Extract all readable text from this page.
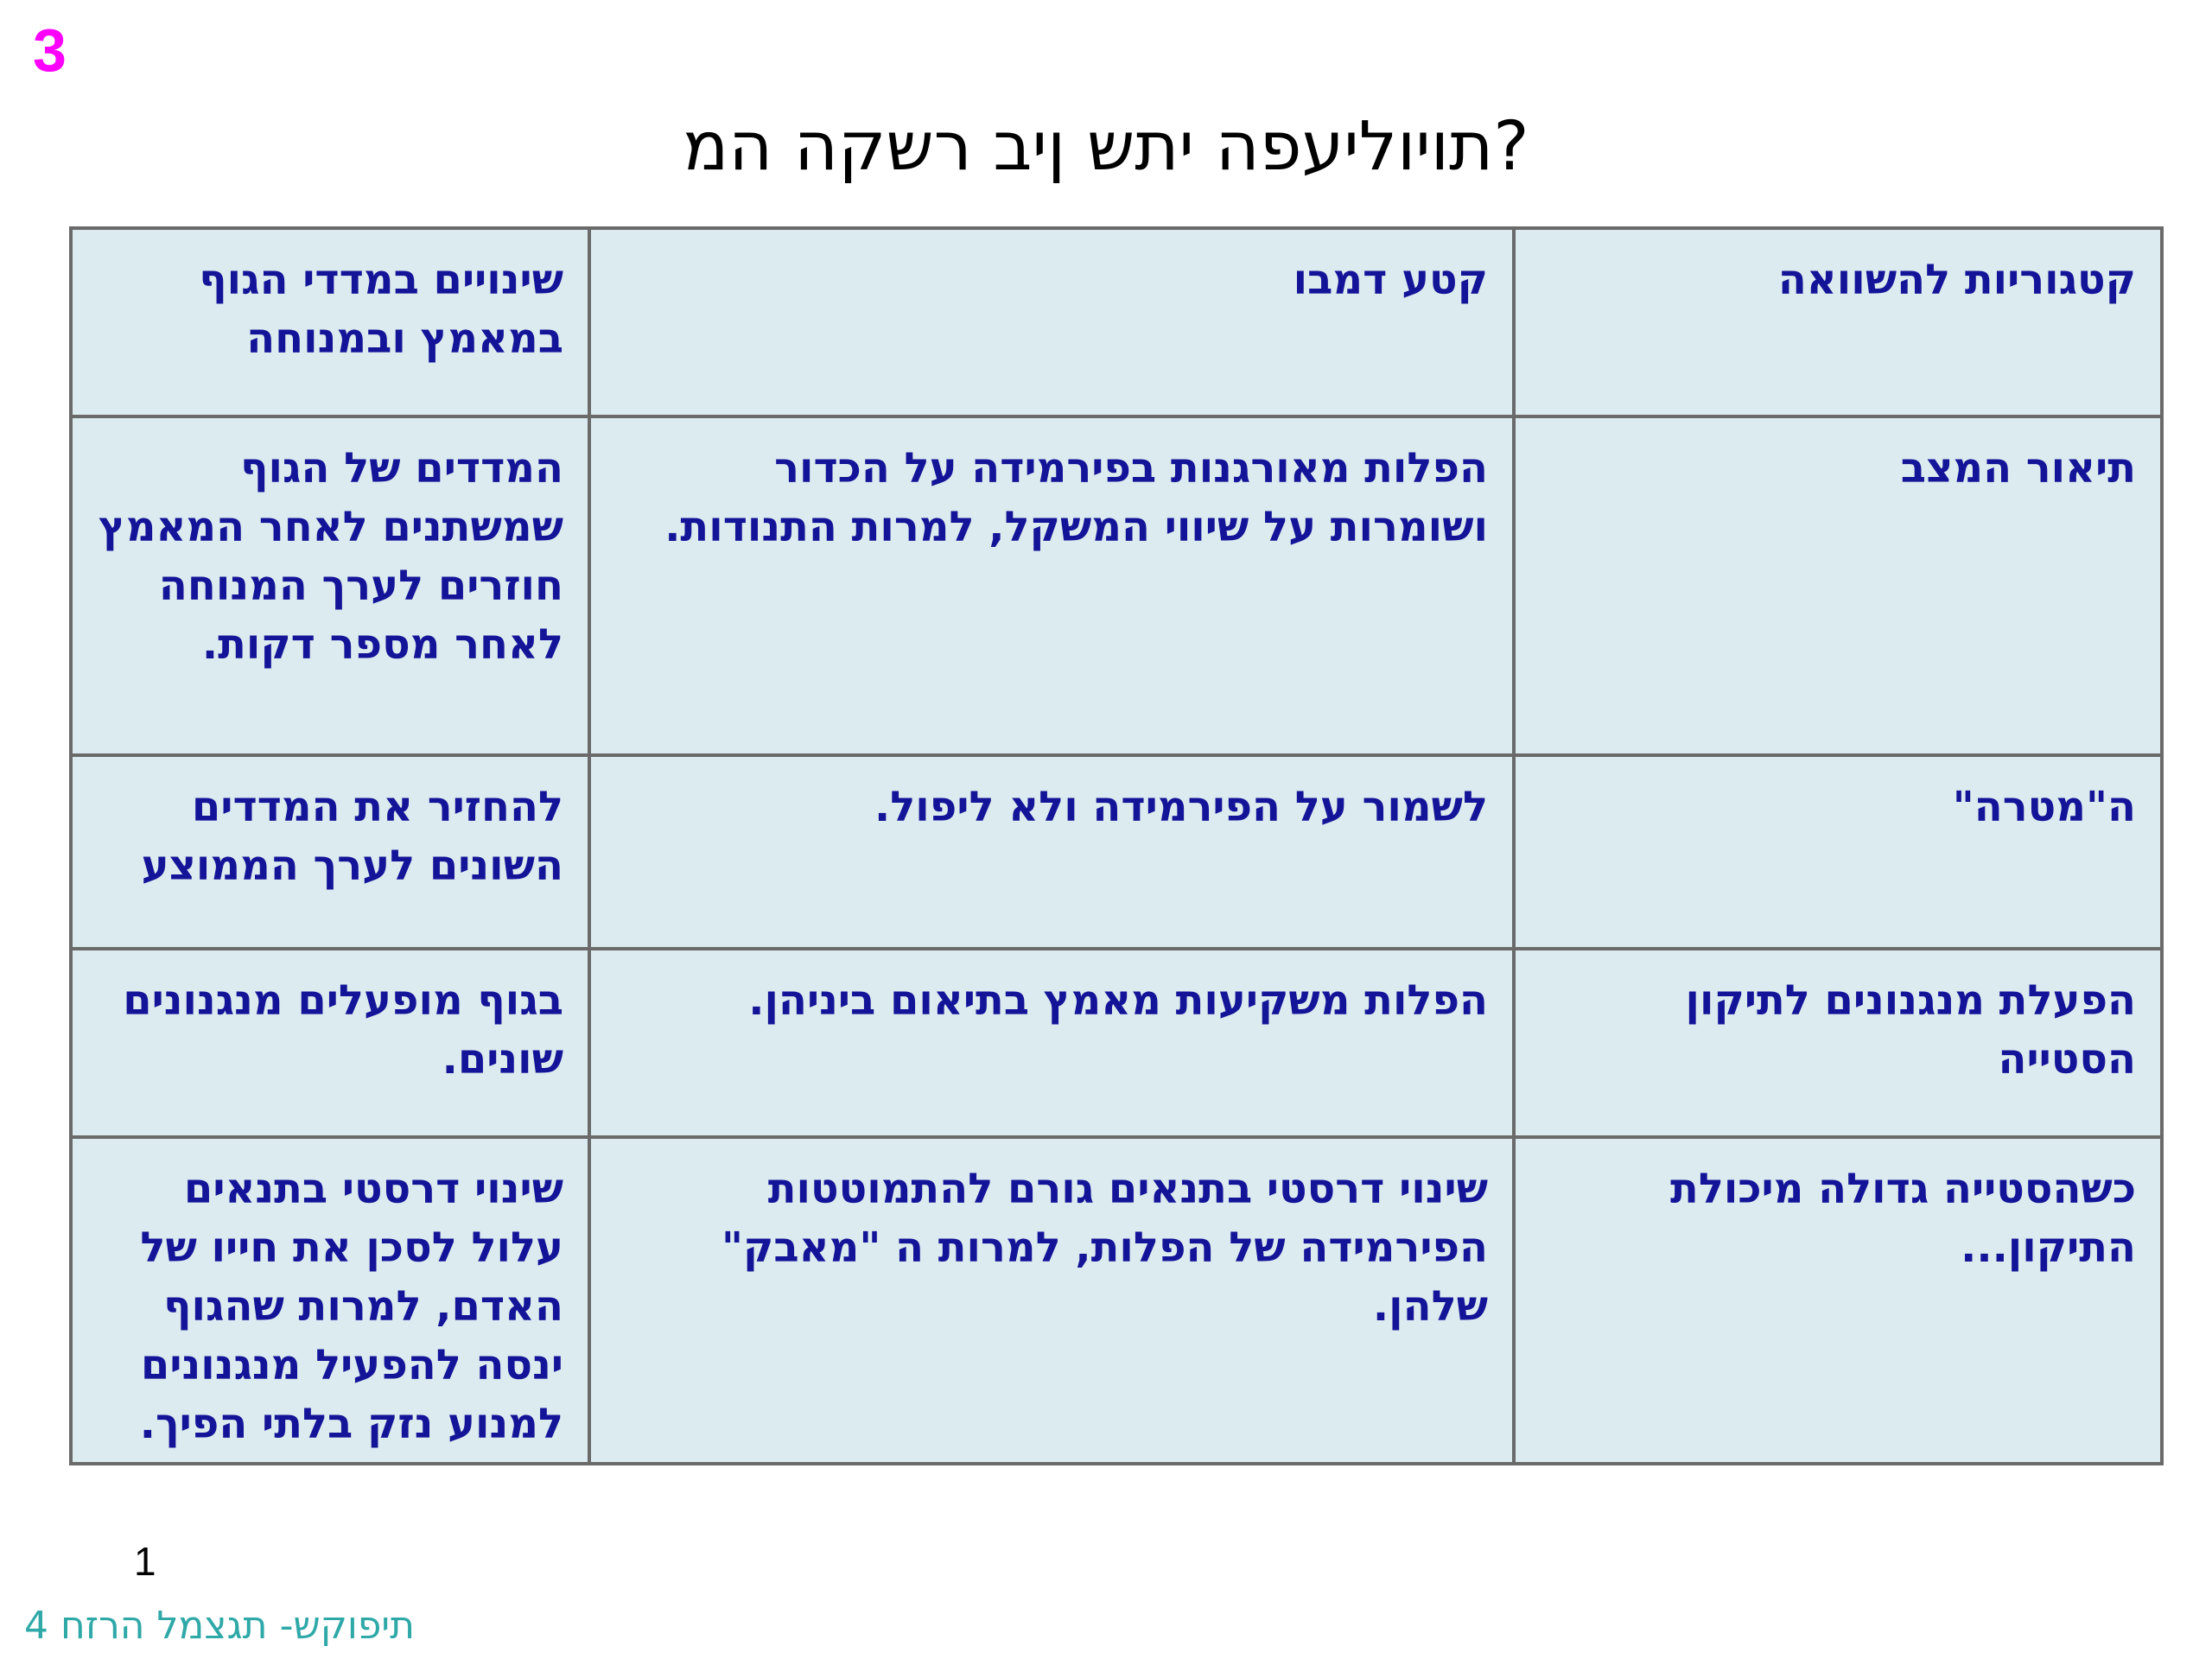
3
תויוליעפה יתש ןיב רשקה המ?
קטגוריות להשוואה	קטע דמבו	שינויים במדדי הגוף במאמץ ובמנוחה
תיאור המצב	הפלות מאורגנות בפירמידה על הכדור ושומרות על שיווי המשקל, למרות התנודות.	המדדים של הגוף שמשתנים לאחר המאמץ חוזרים לערך המנוחה לאחר מספר דקות.
ה"מטרה"	לשמור על הפירמידה ולא ליפול.	להחזיר את המדדים השונים לערך הממוצע
הפעלת מנגנונים לתיקון הסטייה	הפלות משקיעות מאמץ בתיאום ביניהן.	בגוף מופעלים מנגנונים שונים.
כשהסטייה גדולה מיכולת התיקון...	שינוי דרסטי בתנאים גורם להתמוטטות הפירמידה של הפלות, למרות ה "מאבק" שלהן.	שינוי דרסטי בתנאים עלול לסכן את חייו של האדם, למרות שהגוף ינסה להפעיל מנגנונים למנוע נזק בלתי הפיך.
1
תיפוקש- תגצמל הרזח 4
